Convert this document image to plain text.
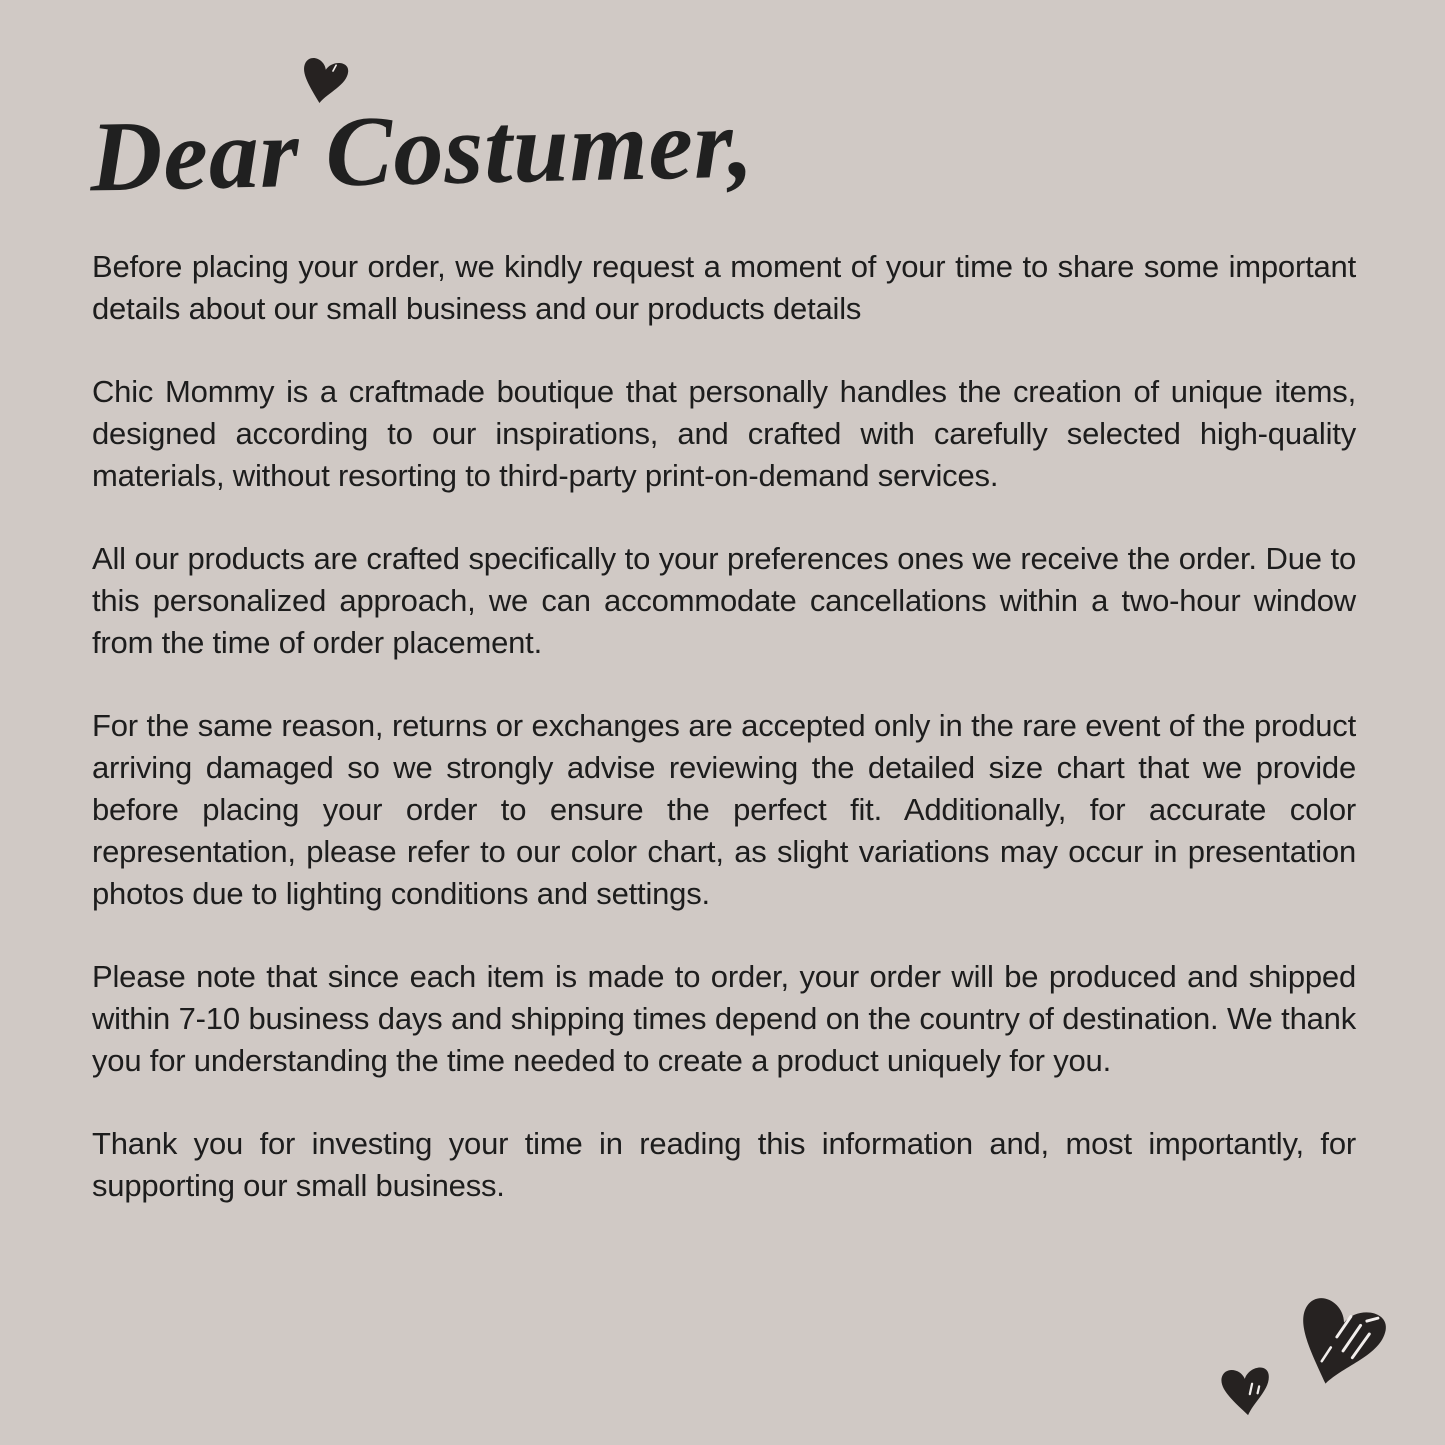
Dear Costumer,

Before placing your order, we kindly request a moment of your time to share some important details about our small business and our products details

Chic Mommy is a craftmade boutique that personally handles the creation of unique items, designed according to our inspirations, and crafted with carefully selected high-quality materials, without resorting to third-party print-on-demand services.

All our products are crafted specifically to your preferences ones we receive the order. Due to this personalized approach, we can accommodate cancellations within a two-hour window from the time of order placement.

For the same reason, returns or exchanges are accepted only in the rare event of the product arriving damaged so we strongly advise reviewing the detailed size chart that we provide before placing your order to ensure the perfect fit. Additionally, for accurate color representation, please refer to our color chart, as slight variations may occur in presentation photos due to lighting conditions and settings.

Please note that since each item is made to order, your order will be produced and shipped within 7-10 business days and shipping times depend on the country of destination. We thank you for understanding the time needed to create a product uniquely for you.

Thank you for investing your time in reading this information and, most importantly, for supporting our small business.
